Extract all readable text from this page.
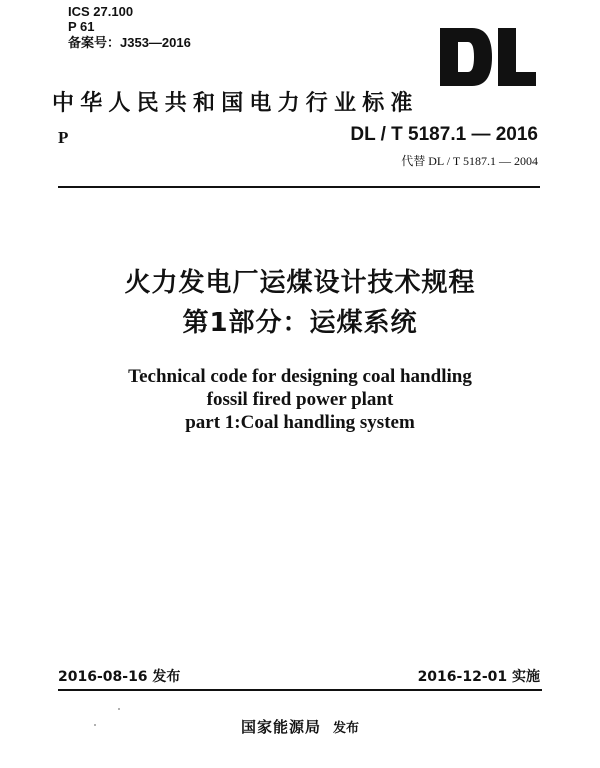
ICS 27.100
P 61
备案号：J353—2016
中华人民共和国电力行业标准
P	DL / T 5187.1 — 2016
代替 DL / T 5187.1 — 2004
火力发电厂运煤设计技术规程
第1部分：运煤系统
Technical code for designing coal handling
fossil fired power plant
part 1:Coal handling system
2016-08-16 发布	2016-12-01 实施
国家能源局 发布
